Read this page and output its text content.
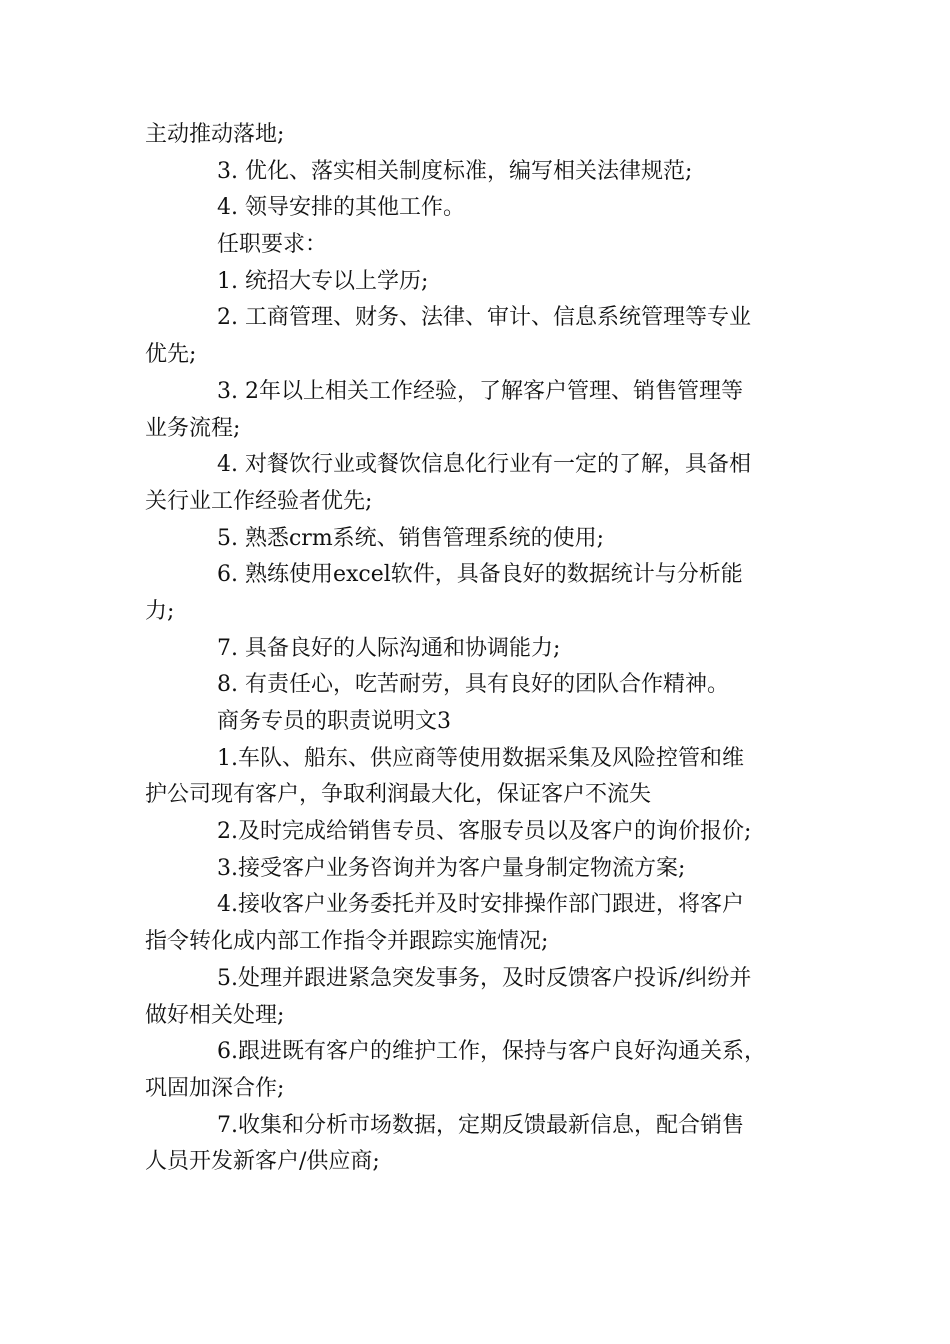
主动推动落地;
3. 优化、落实相关制度标准，编写相关法律规范;
4. 领导安排的其他工作。
任职要求：
1. 统招大专以上学历;
2. 工商管理、财务、法律、审计、信息系统管理等专业
优先;
3. 2年以上相关工作经验，了解客户管理、销售管理等
业务流程;
4. 对餐饮行业或餐饮信息化行业有一定的了解，具备相
关行业工作经验者优先;
5. 熟悉crm系统、销售管理系统的使用;
6. 熟练使用excel软件，具备良好的数据统计与分析能
力;
7. 具备良好的人际沟通和协调能力;
8. 有责任心，吃苦耐劳，具有良好的团队合作精神。
商务专员的职责说明文3
1.车队、船东、供应商等使用数据采集及风险控管和维
护公司现有客户，争取利润最大化，保证客户不流失
2.及时完成给销售专员、客服专员以及客户的询价报价;
3.接受客户业务咨询并为客户量身制定物流方案;
4.接收客户业务委托并及时安排操作部门跟进，将客户
指令转化成内部工作指令并跟踪实施情况;
5.处理并跟进紧急突发事务，及时反馈客户投诉/纠纷并
做好相关处理;
6.跟进既有客户的维护工作，保持与客户良好沟通关系，
巩固加深合作;
7.收集和分析市场数据，定期反馈最新信息，配合销售
人员开发新客户/供应商;
